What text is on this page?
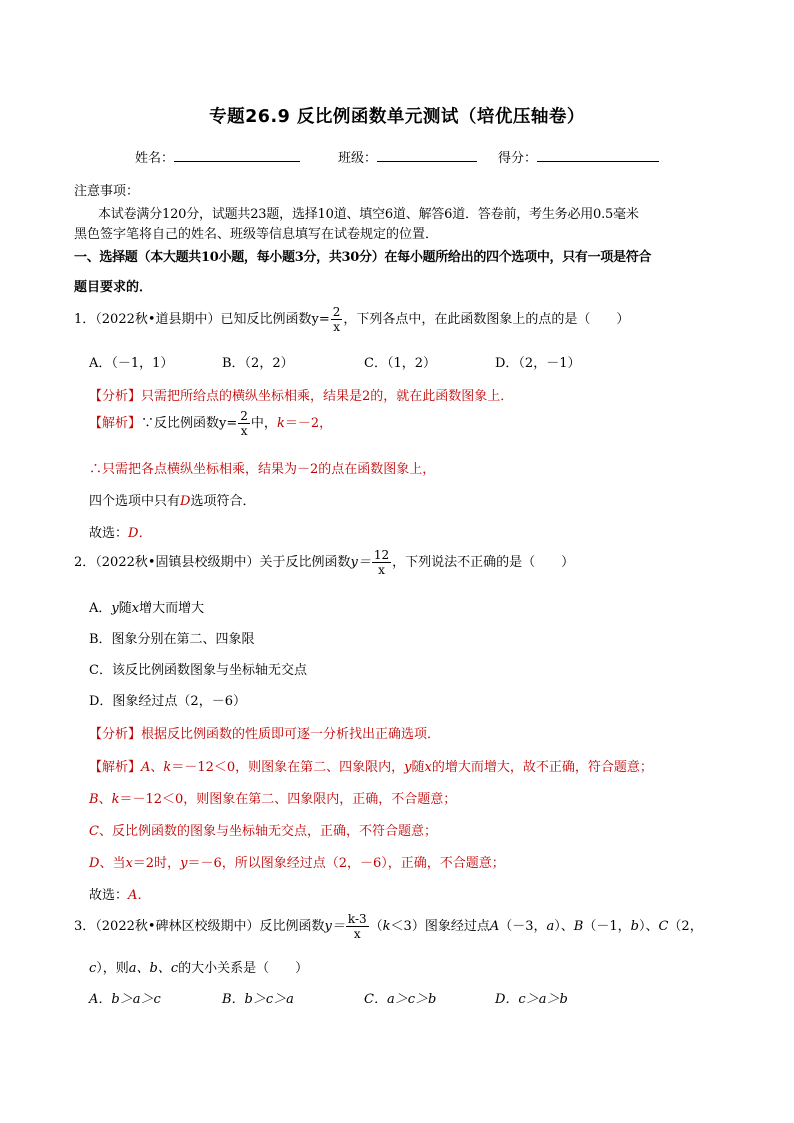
专题26.9 反比例函数单元测试（培优压轴卷）
姓名：	班级：	得分：
注意事项：
本试卷满分120分，试题共23题，选择10道、填空6道、解答6道．答卷前，考生务必用0.5毫米
黑色签字笔将自己的姓名、班级等信息填写在试卷规定的位置．
一、选择题（本大题共10小题，每小题3分，共30分）在每小题所给出的四个选项中，只有一项是符合
题目要求的．
1．（2022秋•道县期中）已知反比例函数$y= \frac{2}{x}$ ，下列各点中，在此函数图象上的点的是（　　）
A．（－1，1）	B．（2，2）	C．（1，2）	D．（2，－1）
【分析】只需把所给点的横纵坐标相乘，结果是2的，就在此函数图象上．
【解析】∵反比例函数$y= \frac{2}{x}$ 中，k＝－2，
∴只需把各点横纵坐标相乘，结果为－2的点在函数图象上，
四个选项中只有D选项符合．
故选：D．
2．（2022秋•固镇县校级期中）关于反比例函数$y= \frac{12}{x}$ ，下列说法不正确的是（　　）
A．y随x增大而增大
B．图象分别在第二、四象限
C．该反比例函数图象与坐标轴无交点
D．图象经过点（2，－6）
【分析】根据反比例函数的性质即可逐一分析找出正确选项．
【解析】A、k＝－12＜0，则图象在第二、四象限内，y随x的增大而增大，故不正确，符合题意；
B、k＝－12＜0，则图象在第二、四象限内，正确，不合题意；
C、反比例函数的图象与坐标轴无交点，正确，不符合题意；
D、当x＝2时，y＝－6，所以图象经过点（2，－6），正确，不合题意；
故选：A．
3．（2022秋•碑林区校级期中）反比例函数$y= \frac{k-3}{x} (k<3)$图象经过点A（－3，a）、B（－1，b）、C（2，
c），则a、b、c的大小关系是（　　）
A．b＞a＞c	B．b＞c＞a	C．a＞c＞b	D．c＞a＞b
